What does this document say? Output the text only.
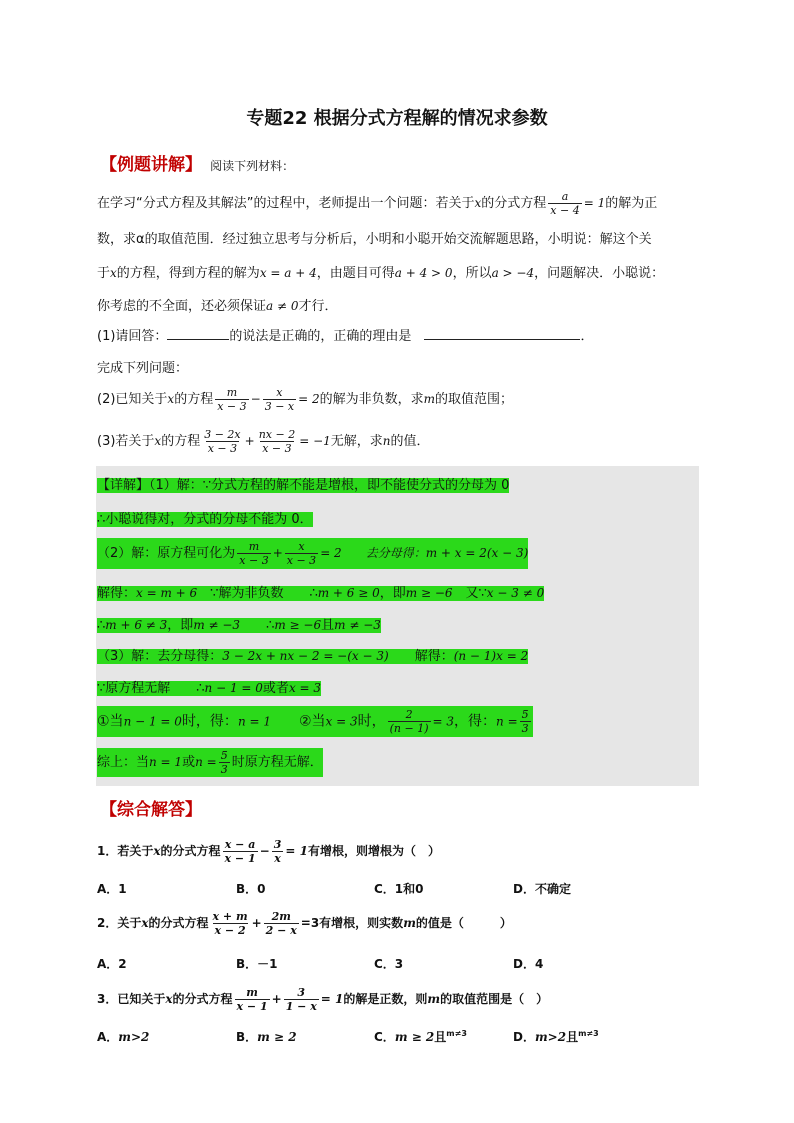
专题22 根据分式方程解的情况求参数
【例题讲解】 阅读下列材料：
在学习“分式方程及其解法”的过程中，老师提出一个问题：若关于x的分式方程 $\frac{a}{x - 4} = 1$的解为正
数，求α的取值范围．经过独立思考与分析后，小明和小聪开始交流解题思路，小明说：解这个关
于x的方程，得到方程的解为x = a + 4，由题目可得a + 4 > 0，所以a > −4，问题解决．小聪说：
你考虑的不全面，还必须保证a ≠ 0才行．
(1)请回答：	的说法是正确的，正确的理由是　	．
完成下列问题：
(2)已知关于x的方程 $\frac{m}{x - 3} - \frac{x}{3 - x} = 2$的解为非负数，求m的取值范围；
(3)若关于x的方程 $\frac{3 - 2x}{x - 3} + \frac{nx - 2}{x - 3} = -1$无解，求n的值．
【详解】（1）解：∵分式方程的解不能是增根，即不能使分式的分母为 0
∴小聪说得对，分式的分母不能为 0．
（2）解：原方程可化为 $\frac{m}{x - 3} + \frac{x}{x - 3} = 2$　　去分母得：m + x = 2(x − 3)
解得：x = m + 6　∵解为非负数　　∴m + 6 ≥ 0，即m ≥ −6　又∵x − 3 ≠ 0
∴m + 6 ≠ 3，即m ≠ −3　　∴m ≥ −6且m ≠ −3
（3）解：去分母得：3 − 2x + nx − 2 = −(x − 3)　　解得：(n − 1)x = 2
∵原方程无解　　∴n − 1 = 0或者x = 3
①当n − 1 = 0时，得：n = 1　　 ②当x = 3时， $\frac{2}{(n - 1)} = 3$，得：$n = \frac{5}{3}$
综上：当n = 1或$n = \frac{5}{3}$ 时原方程无解．
【综合解答】
1．若关于x的分式方程 $\frac{x - a}{x - 1} - \frac{3}{x} = 1$有增根，则增根为（　）
A．1	B．0	C．1和0	D．不确定
2．关于x的分式方程 $\frac{x + m}{x - 2} + \frac{2m}{2 - x} =3$有增根，则实数m的值是（　　　）
A．2	B．－1	C．3	D．4
3．已知关于x的分式方程 $\frac{m}{x - 1} + \frac{3}{1 - x} = 1$的解是正数，则m的取值范围是（　）
A．m>2	B．m ≥ 2	C．m ≥ 2且$^{m\ne 3}$	D．m>2且$^{m\ne 3}$
